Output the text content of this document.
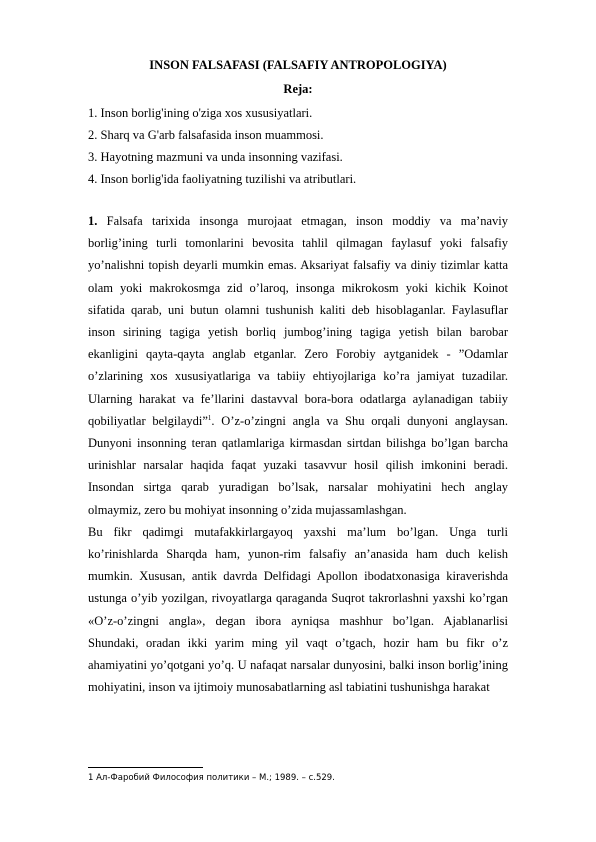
INSON FALSAFASI (FALSAFIY ANTROPOLOGIYA)

Reja:

1. Inson borlig'ining o'ziga xos xususiyatlari.
2. Sharq va G'arb falsafasida inson muammosi.
3. Hayotning mazmuni va unda insonning vazifasi.
4. Inson borlig'ida faoliyatning tuzilishi va atributlari.

1. Falsafa tarixida insonga murojaat etmagan, inson moddiy va ma’naviy borlig’ining turli tomonlarini bevosita tahlil qilmagan faylasuf yoki falsafiy yo’nalishni topish deyarli mumkin emas. Aksariyat falsafiy va diniy tizimlar katta olam yoki makrokosmga zid o’laroq, insonga mikrokosm yoki kichik Koinot sifatida qarab, uni butun olamni tushunish kaliti deb hisoblaganlar. Faylasuflar inson sirining tagiga yetish borliq jumbog’ining tagiga yetish bilan barobar ekanligini qayta-qayta anglab etganlar. Zero Forobiy aytganidek - ”Odamlar o’zlarining xos xususiyatlariga va tabiiy ehtiyojlariga ko’ra jamiyat tuzadilar. Ularning harakat va fe’llarini dastavval bora-bora odatlarga aylanadigan tabiiy qobiliyatlar belgilaydi”$^1$. O’z-o’zingni angla va Shu orqali dunyoni anglaysan. Dunyoni insonning teran qatlamlariga kirmasdan sirtdan bilishga bo’lgan barcha urinishlar narsalar haqida faqat yuzaki tasavvur hosil qilish imkonini beradi. Insondan sirtga qarab yuradigan bo’lsak, narsalar mohiyatini hech anglay olmaymiz, zero bu mohiyat insonning o’zida mujassamlashgan.

Bu fikr qadimgi mutafakkirlargayoq yaxshi ma’lum bo’lgan. Unga turli ko’rinishlarda Sharqda ham, yunon-rim falsafiy an’anasida ham duch kelish mumkin. Xususan, antik davrda Delfidagi Apollon ibodatxonasiga kiraverishda ustunga o’yib yozilgan, rivoyatlarga qaraganda Suqrot takrorlashni yaxshi ko’rgan «O’z-o’zingni angla», degan ibora ayniqsa mashhur bo’lgan. Ajablanarlisi Shundaki, oradan ikki yarim ming yil vaqt o’tgach, hozir ham bu fikr o’z ahamiyatini yo’qotgani yo’q. U nafaqat narsalar dunyosini, balki inson borlig’ining mohiyatini, inson va ijtimoiy munosabatlarning asl tabiatini tushunishga harakat

1 Ал-Фаробий Философия политики – М.; 1989. – с.529.
